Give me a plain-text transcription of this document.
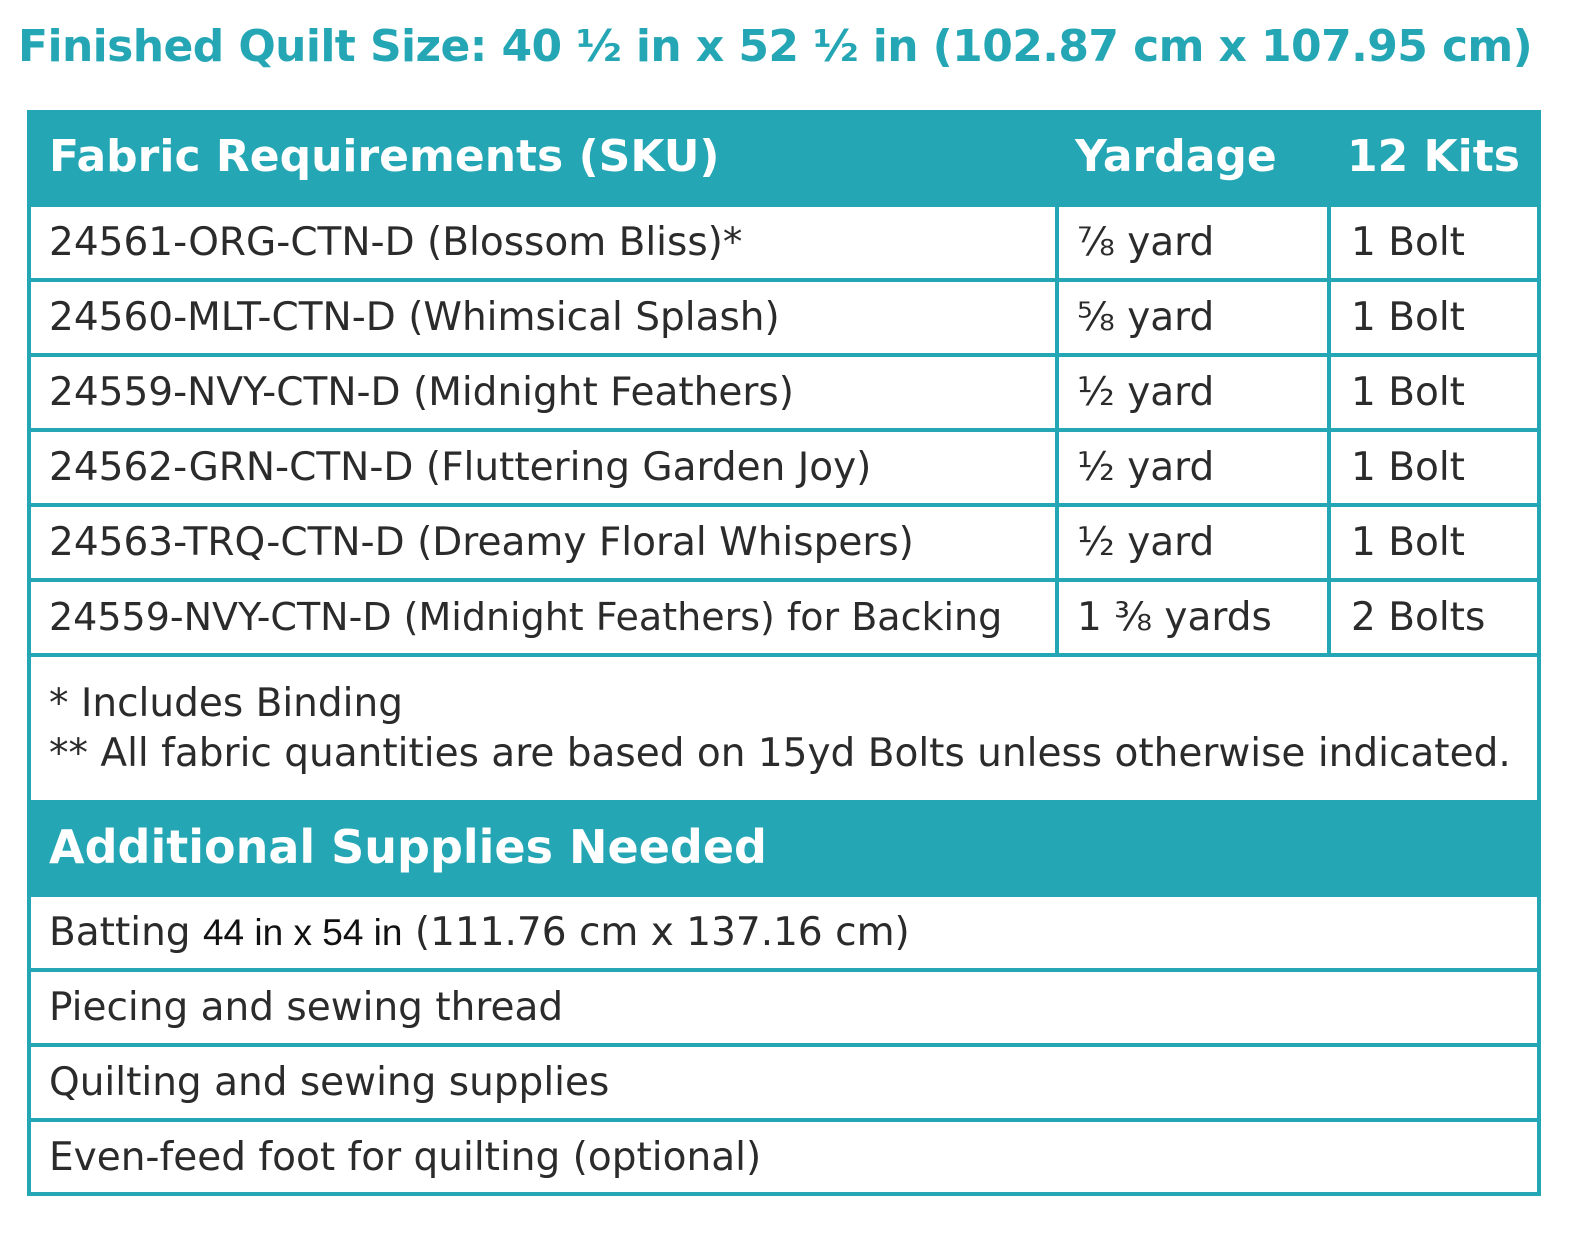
Finished Quilt Size: 40 ½ in x 52 ½ in (102.87 cm x 107.95 cm)
Fabric Requirements (SKU)	Yardage 12 Kits
24561-ORG-CTN-D (Blossom Bliss)*	⅞ yard	1 Bolt
24560-MLT-CTN-D (Whimsical Splash)	⅝ yard	1 Bolt
24559-NVY-CTN-D (Midnight Feathers)	½ yard	1 Bolt
24562-GRN-CTN-D (Fluttering Garden Joy)	½ yard	1 Bolt
24563-TRQ-CTN-D (Dreamy Floral Whispers)	½ yard	1 Bolt
24559-NVY-CTN-D (Midnight Feathers) for Backing 1 ⅜ yards 2 Bolts
* Includes Binding
** All fabric quantities are based on 15yd Bolts unless otherwise indicated.
Additional Supplies Needed
Batting 44 in x 54 in (111.76 cm x 137.16 cm)
Piecing and sewing thread
Quilting and sewing supplies
Even-feed foot for quilting (optional)
